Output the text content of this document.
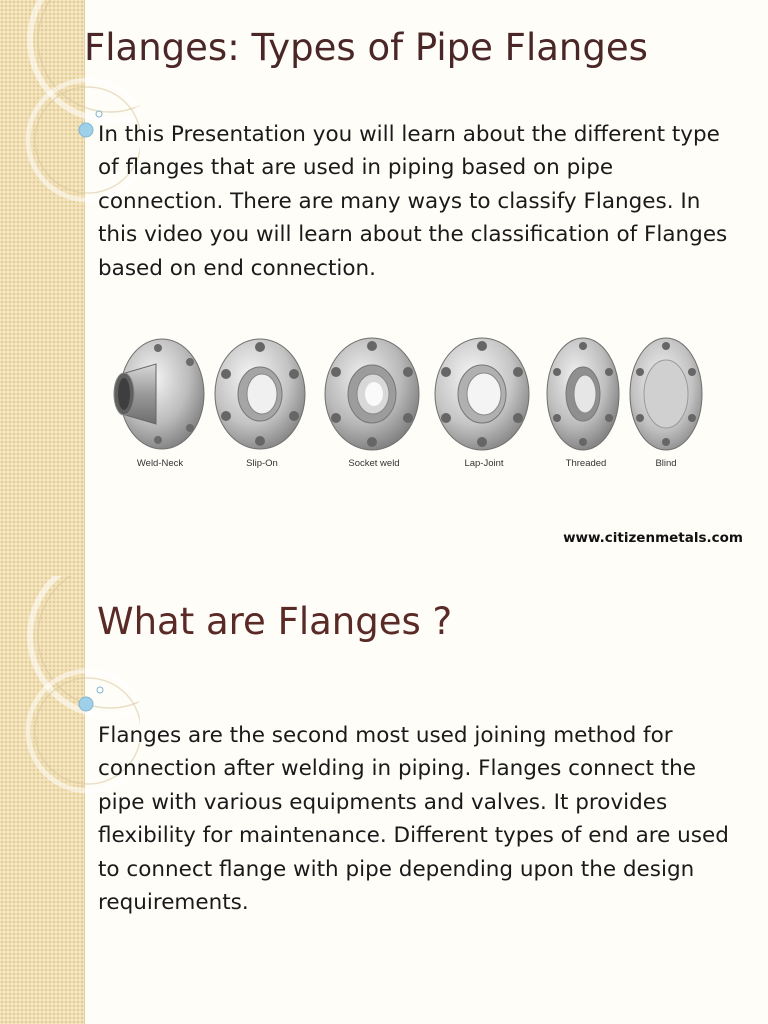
Flanges: Types of Pipe Flanges

In this Presentation you will learn about the different type of flanges that are used in piping based on pipe connection. There are many ways to classify Flanges. In this video you will learn about the classification of Flanges based on end connection.

Weld-Neck	Slip-On	Socket weld	Lap-Joint	Threaded	Blind

www.citizenmetals.com

What are Flanges ?

Flanges are the second most used joining method for connection after welding in piping. Flanges connect the pipe with various equipments and valves. It provides flexibility for maintenance. Different types of end are used to connect flange with pipe depending upon the design requirements.
